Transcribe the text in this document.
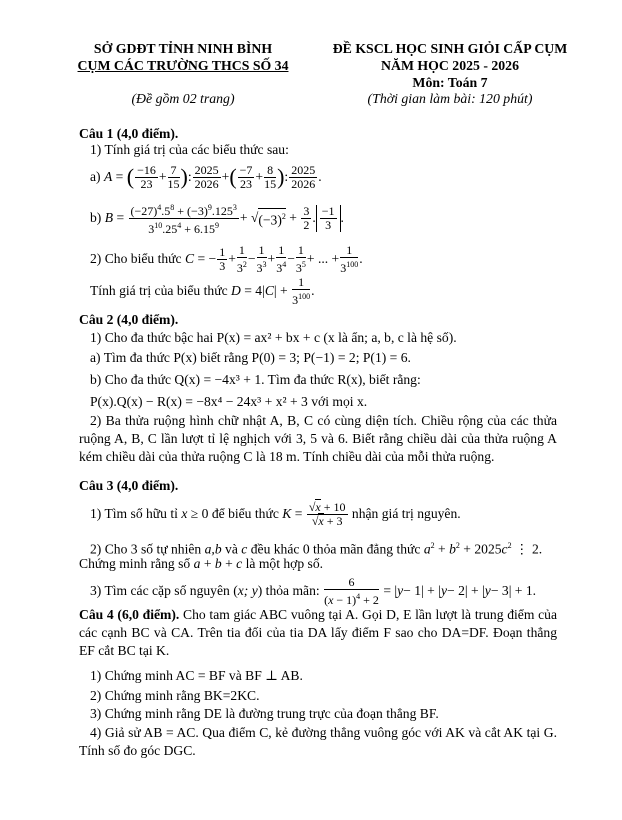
SỞ GDĐT TỈNH NINH BÌNH
CỤM CÁC TRƯỜNG THCS SỐ 34
(Đề gồm 02 trang)
ĐỀ KSCL HỌC SINH GIỎI CẤP CỤM
NĂM HỌC 2025 - 2026
Môn: Toán 7
(Thời gian làm bài: 120 phút)
Câu 1 (4,0 điểm).
1) Tính giá trị của các biểu thức sau:
a)
A = ( $\frac{-16}{23} + \frac{7}{15}$ ) : $\frac{2025}{2026}$ + ( $\frac{-7}{23} + \frac{8}{15}$ ) : $\frac{2025}{2026}$ .
b)
$B = \frac{(-27)^4.5^8 + (-3)^9.125^3}{3^{10}.25^4 + 6.15^9}$ + √ $(-3)^2 + \frac{3}{2}$ . $\frac{-1}{3}$ .
2) Cho biểu thức
C = − $\frac{1}{3} + \frac{1}{3^2} - \frac{1}{3^3} + \frac{1}{3^4} - \frac{1}{3^5}$ + ... + $\frac{1}{3^{100}}$ .
Tính giá trị của biểu thức
D = 4| C | + $\frac{1}{3^{100}}$ .
Câu 2 (4,0 điểm).
1) Cho đa thức bậc hai P(x) = ax² + bx + c (x là ẩn; a, b, c là hệ số).
a) Tìm đa thức P(x) biết rằng P(0) = 3; P(−1) = 2; P(1) = 6.
b) Cho đa thức Q(x) = −4x³ + 1. Tìm đa thức R(x), biết rằng:
P(x).Q(x) − R(x) = −8x⁴ − 24x³ + x² + 3 với mọi x.
2) Ba thửa ruộng hình chữ nhật A, B, C có cùng diện tích. Chiều rộng của các thửa ruộng A, B, C lần lượt tỉ lệ nghịch với 3, 5 và 6. Biết rằng chiều dài của thửa ruộng A kém chiều dài của thửa ruộng C là 18 m. Tính chiều dài của mỗi thửa ruộng.
Câu 3 (4,0 điểm).
1) Tìm số hữu tỉ
x ≥ 0 để biểu thức
$K = \frac{√x + 10}{√x + 3}$
nhận giá trị nguyên.
2) Cho 3 số tự nhiên a,b và c đều khác 0 thỏa mãn đẳng thức $a^2 + b^2 + 2025c^2$ ⋮ 2.
Chứng minh rằng số a + b + c là một hợp số.
3) Tìm các cặp số nguyên ( x; y ) thỏa mãn:
$\frac{6}{(x - 1)^4 + 2}$ = | y − 1| + | y − 2| + | y − 3| + 1.
Câu 4 (6,0 điểm). Cho tam giác ABC vuông tại A. Gọi D, E lần lượt là trung điểm của các cạnh BC và CA. Trên tia đối của tia DA lấy điểm F sao cho DA=DF. Đoạn thẳng EF cắt BC tại K.
1) Chứng minh AC = BF và BF ⊥ AB.
2) Chứng minh rằng BK=2KC.
3) Chứng minh rằng DE là đường trung trực của đoạn thẳng BF.
4) Giả sử AB = AC. Qua điểm C, kẻ đường thẳng vuông góc với AK và cắt AK tại G. Tính số đo góc DGC.
